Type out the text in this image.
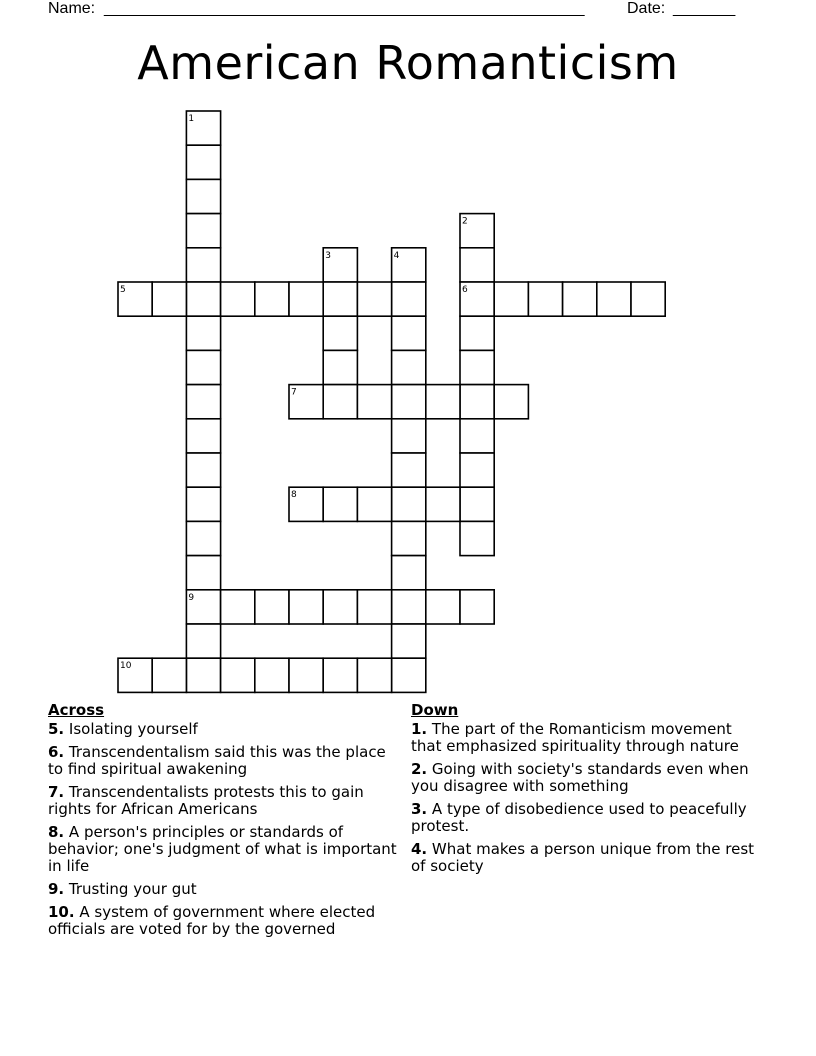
Name: ______________________________________________________	Date: _______
American Romanticism
1
2
3	4
5	6
7
8
9
10
Across
5. Isolating yourself
6. Transcendentalism said this was the place to find spiritual awakening
7. Transcendentalists protests this to gain rights for African Americans
8. A person's principles or standards of behavior; one's judgment of what is important in life
9. Trusting your gut
10. A system of government where elected officials are voted for by the governed
Down
1. The part of the Romanticism movement that emphasized spirituality through nature
2. Going with society's standards even when you disagree with something
3. A type of disobedience used to peacefully protest.
4. What makes a person unique from the rest of society
